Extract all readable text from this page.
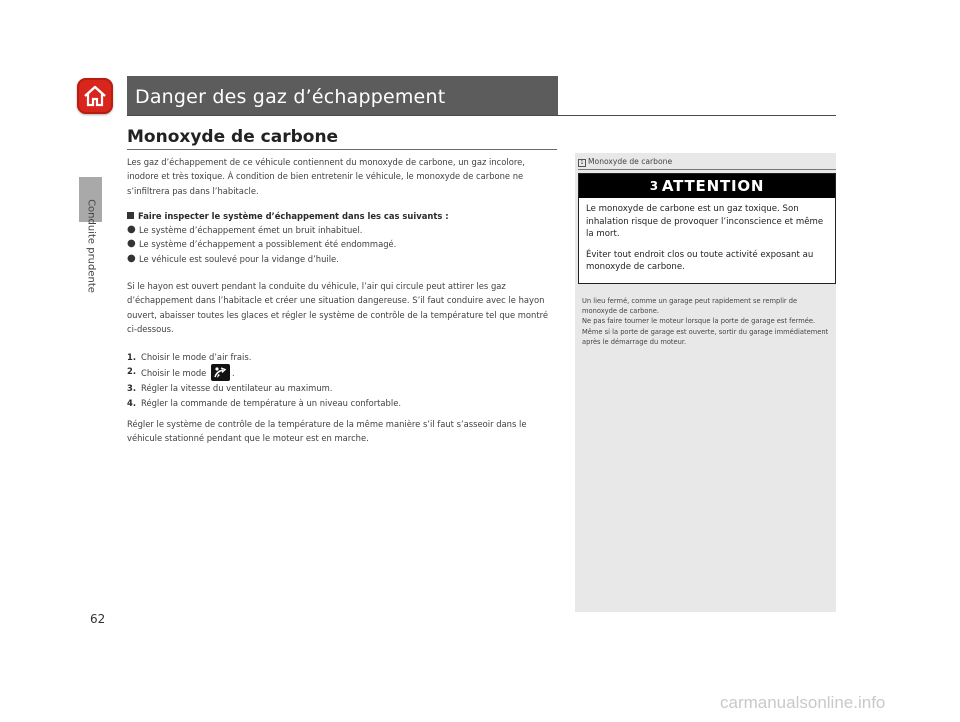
Conduite prudente
Danger des gaz d’échappement
Monoxyde de carbone

Les gaz d’échappement de ce véhicule contiennent du monoxyde de carbone, un gaz incolore, inodore et très toxique. À condition de bien entretenir le véhicule, le monoxyde de carbone ne s’infiltrera pas dans l’habitacle.

Faire inspecter le système d’échappement dans les cas suivants :

● Le système d’échappement émet un bruit inhabituel.
● Le système d’échappement a possiblement été endommagé.
● Le véhicule est soulevé pour la vidange d’huile.

Si le hayon est ouvert pendant la conduite du véhicule, l’air qui circule peut attirer les gaz d’échappement dans l’habitacle et créer une situation dangereuse. S’il faut conduire avec le hayon ouvert, abaisser toutes les glaces et régler le système de contrôle de la température tel que montré ci-dessous.

1. Choisir le mode d’air frais.
2. Choisir le mode	.
3. Régler la vitesse du ventilateur au maximum.
4. Régler la commande de température à un niveau confortable.

Régler le système de contrôle de la température de la même manière s’il faut s’asseoir dans le véhicule stationné pendant que le moteur est en marche.

1 Monoxyde de carbone
3 ATTENTION

Le monoxyde de carbone est un gaz toxique. Son inhalation risque de provoquer l’inconscience et même la mort.

Éviter tout endroit clos ou toute activité exposant au monoxyde de carbone.

Un lieu fermé, comme un garage peut rapidement se remplir de monoxyde de carbone.

Ne pas faire tourner le moteur lorsque la porte de garage est fermée. Même si la porte de garage est ouverte, sortir du garage immédiatement après le démarrage du moteur.

62
carmanualsonline.info
